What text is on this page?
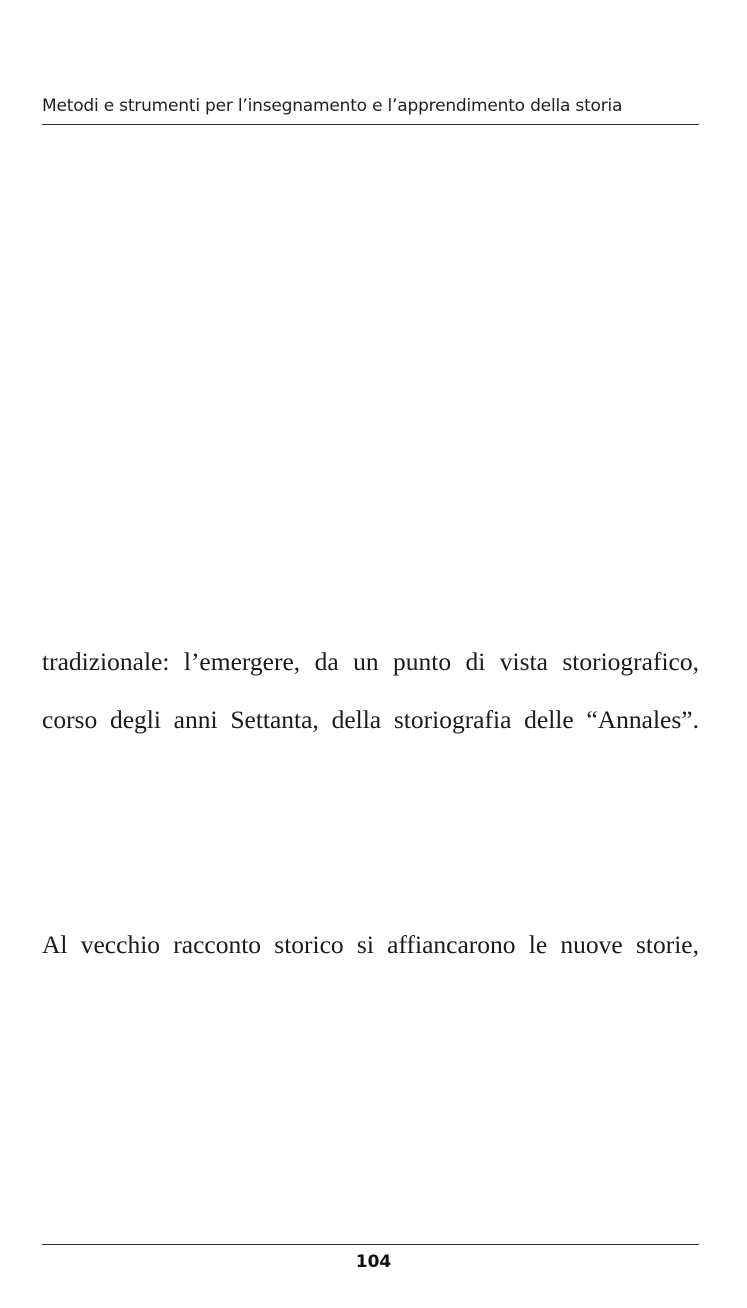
Metodi e strumenti per l’insegnamento e l’apprendimento della storia
tradizionale: l’emergere, da un punto di vista storiografico,
corso degli anni Settanta, della storiografia delle “Annales”.
Al vecchio racconto storico si affiancarono le nuove storie,
104
